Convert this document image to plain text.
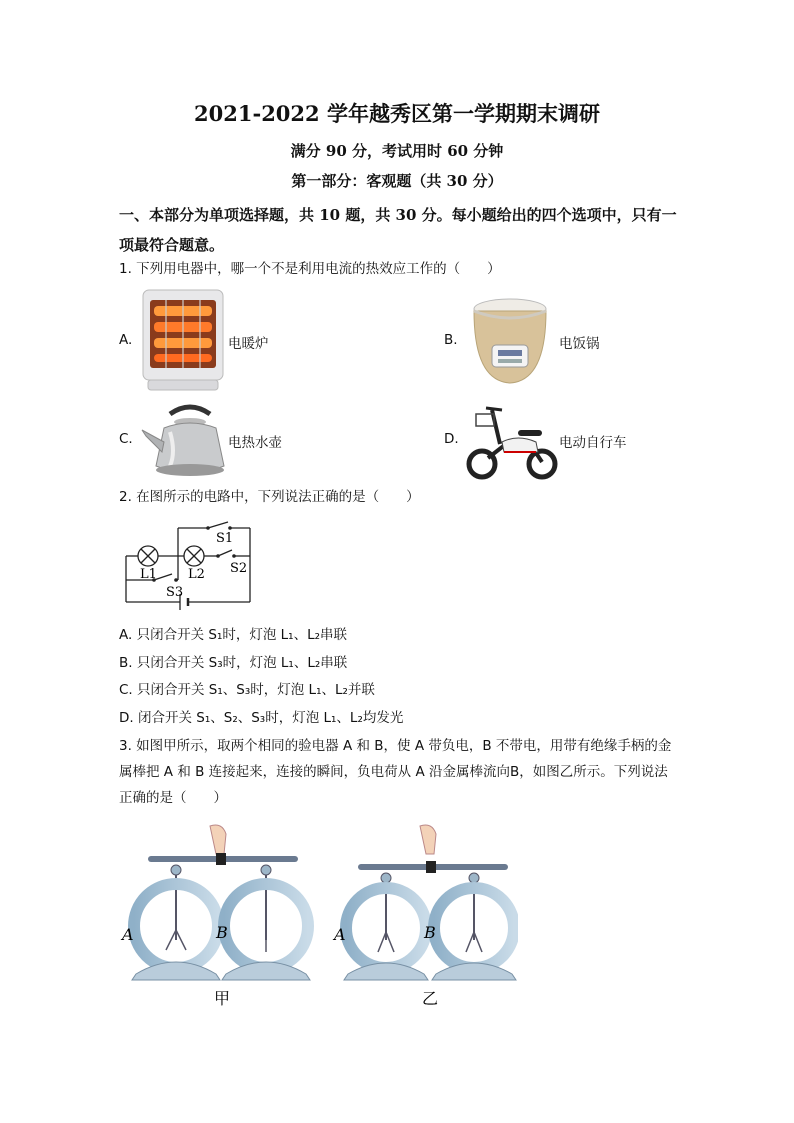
2021-2022 学年越秀区第一学期期末调研
满分 90 分，考试用时 60 分钟
第一部分：客观题（共 30 分）
一、本部分为单项选择题，共 10 题，共 30 分。每小题给出的四个选项中，只有一项最符合题意。
1. 下列用电器中，哪一个不是利用电流的热效应工作的（　　）
A.	电暖炉	B.	电饭锅
C.	电热水壶	D.	电动自行车
2. 在图所示的电路中，下列说法正确的是（　　）
S1
S2
L1 L2
S3
A. 只闭合开关 S₁时，灯泡 L₁、L₂串联
B. 只闭合开关 S₃时，灯泡 L₁、L₂串联
C. 只闭合开关 S₁、S₃时，灯泡 L₁、L₂并联
D. 闭合开关 S₁、S₂、S₃时，灯泡 L₁、L₂均发光
3. 如图甲所示，取两个相同的验电器 A 和 B，使 A 带负电，B 不带电，用带有绝缘手柄的金属棒把 A 和 B 连接起来，连接的瞬间，负电荷从 A 沿金属棒流向B，如图乙所示。下列说法正确的是（　　）
A	B	A	B
甲	乙
